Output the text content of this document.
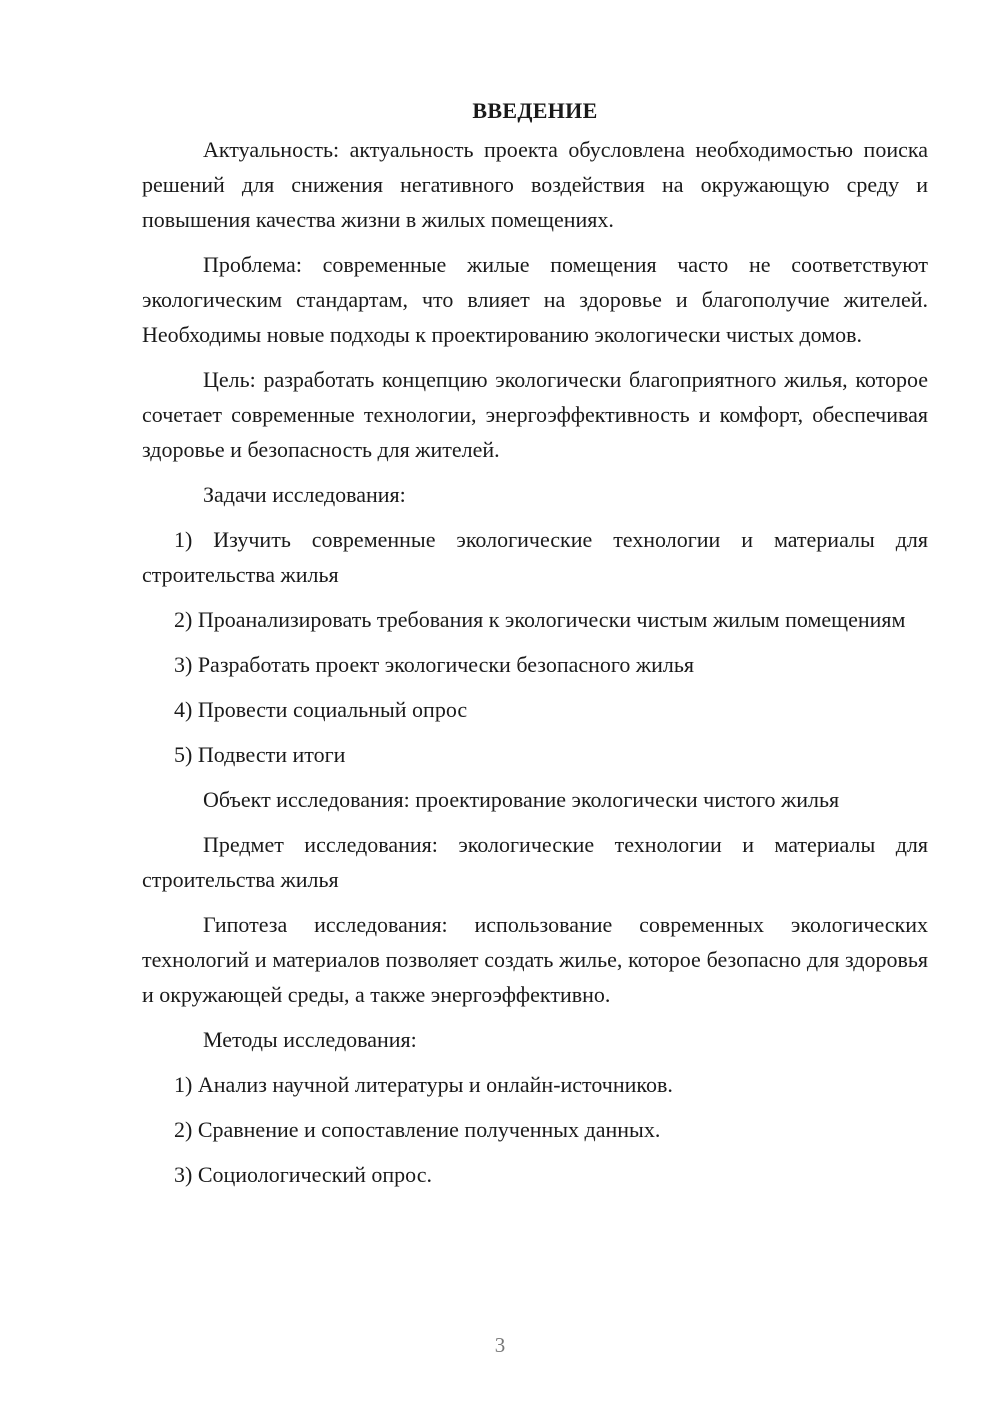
ВВЕДЕНИЕ

Актуальность: актуальность проекта обусловлена необходимостью поиска решений для снижения негативного воздействия на окружающую среду и повышения качества жизни в жилых помещениях.

Проблема: современные жилые помещения часто не соответствуют экологическим стандартам, что влияет на здоровье и благополучие жителей. Необходимы новые подходы к проектированию экологически чистых домов.

Цель: разработать концепцию экологически благоприятного жилья, которое сочетает современные технологии, энергоэффективность и комфорт, обеспечивая здоровье и безопасность для жителей.

Задачи исследования:

1) Изучить современные экологические технологии и материалы для строительства жилья

2) Проанализировать требования к экологически чистым жилым помещениям

3) Разработать проект экологически безопасного жилья

4) Провести социальный опрос

5) Подвести итоги

Объект исследования: проектирование экологически чистого жилья

Предмет исследования: экологические технологии и материалы для строительства жилья

Гипотеза исследования: использование современных экологических технологий и материалов позволяет создать жилье, которое безопасно для здоровья и окружающей среды, а также энергоэффективно.

Методы исследования:

1) Анализ научной литературы и онлайн-источников.

2) Сравнение и сопоставление полученных данных.

3) Социологический опрос.

3
